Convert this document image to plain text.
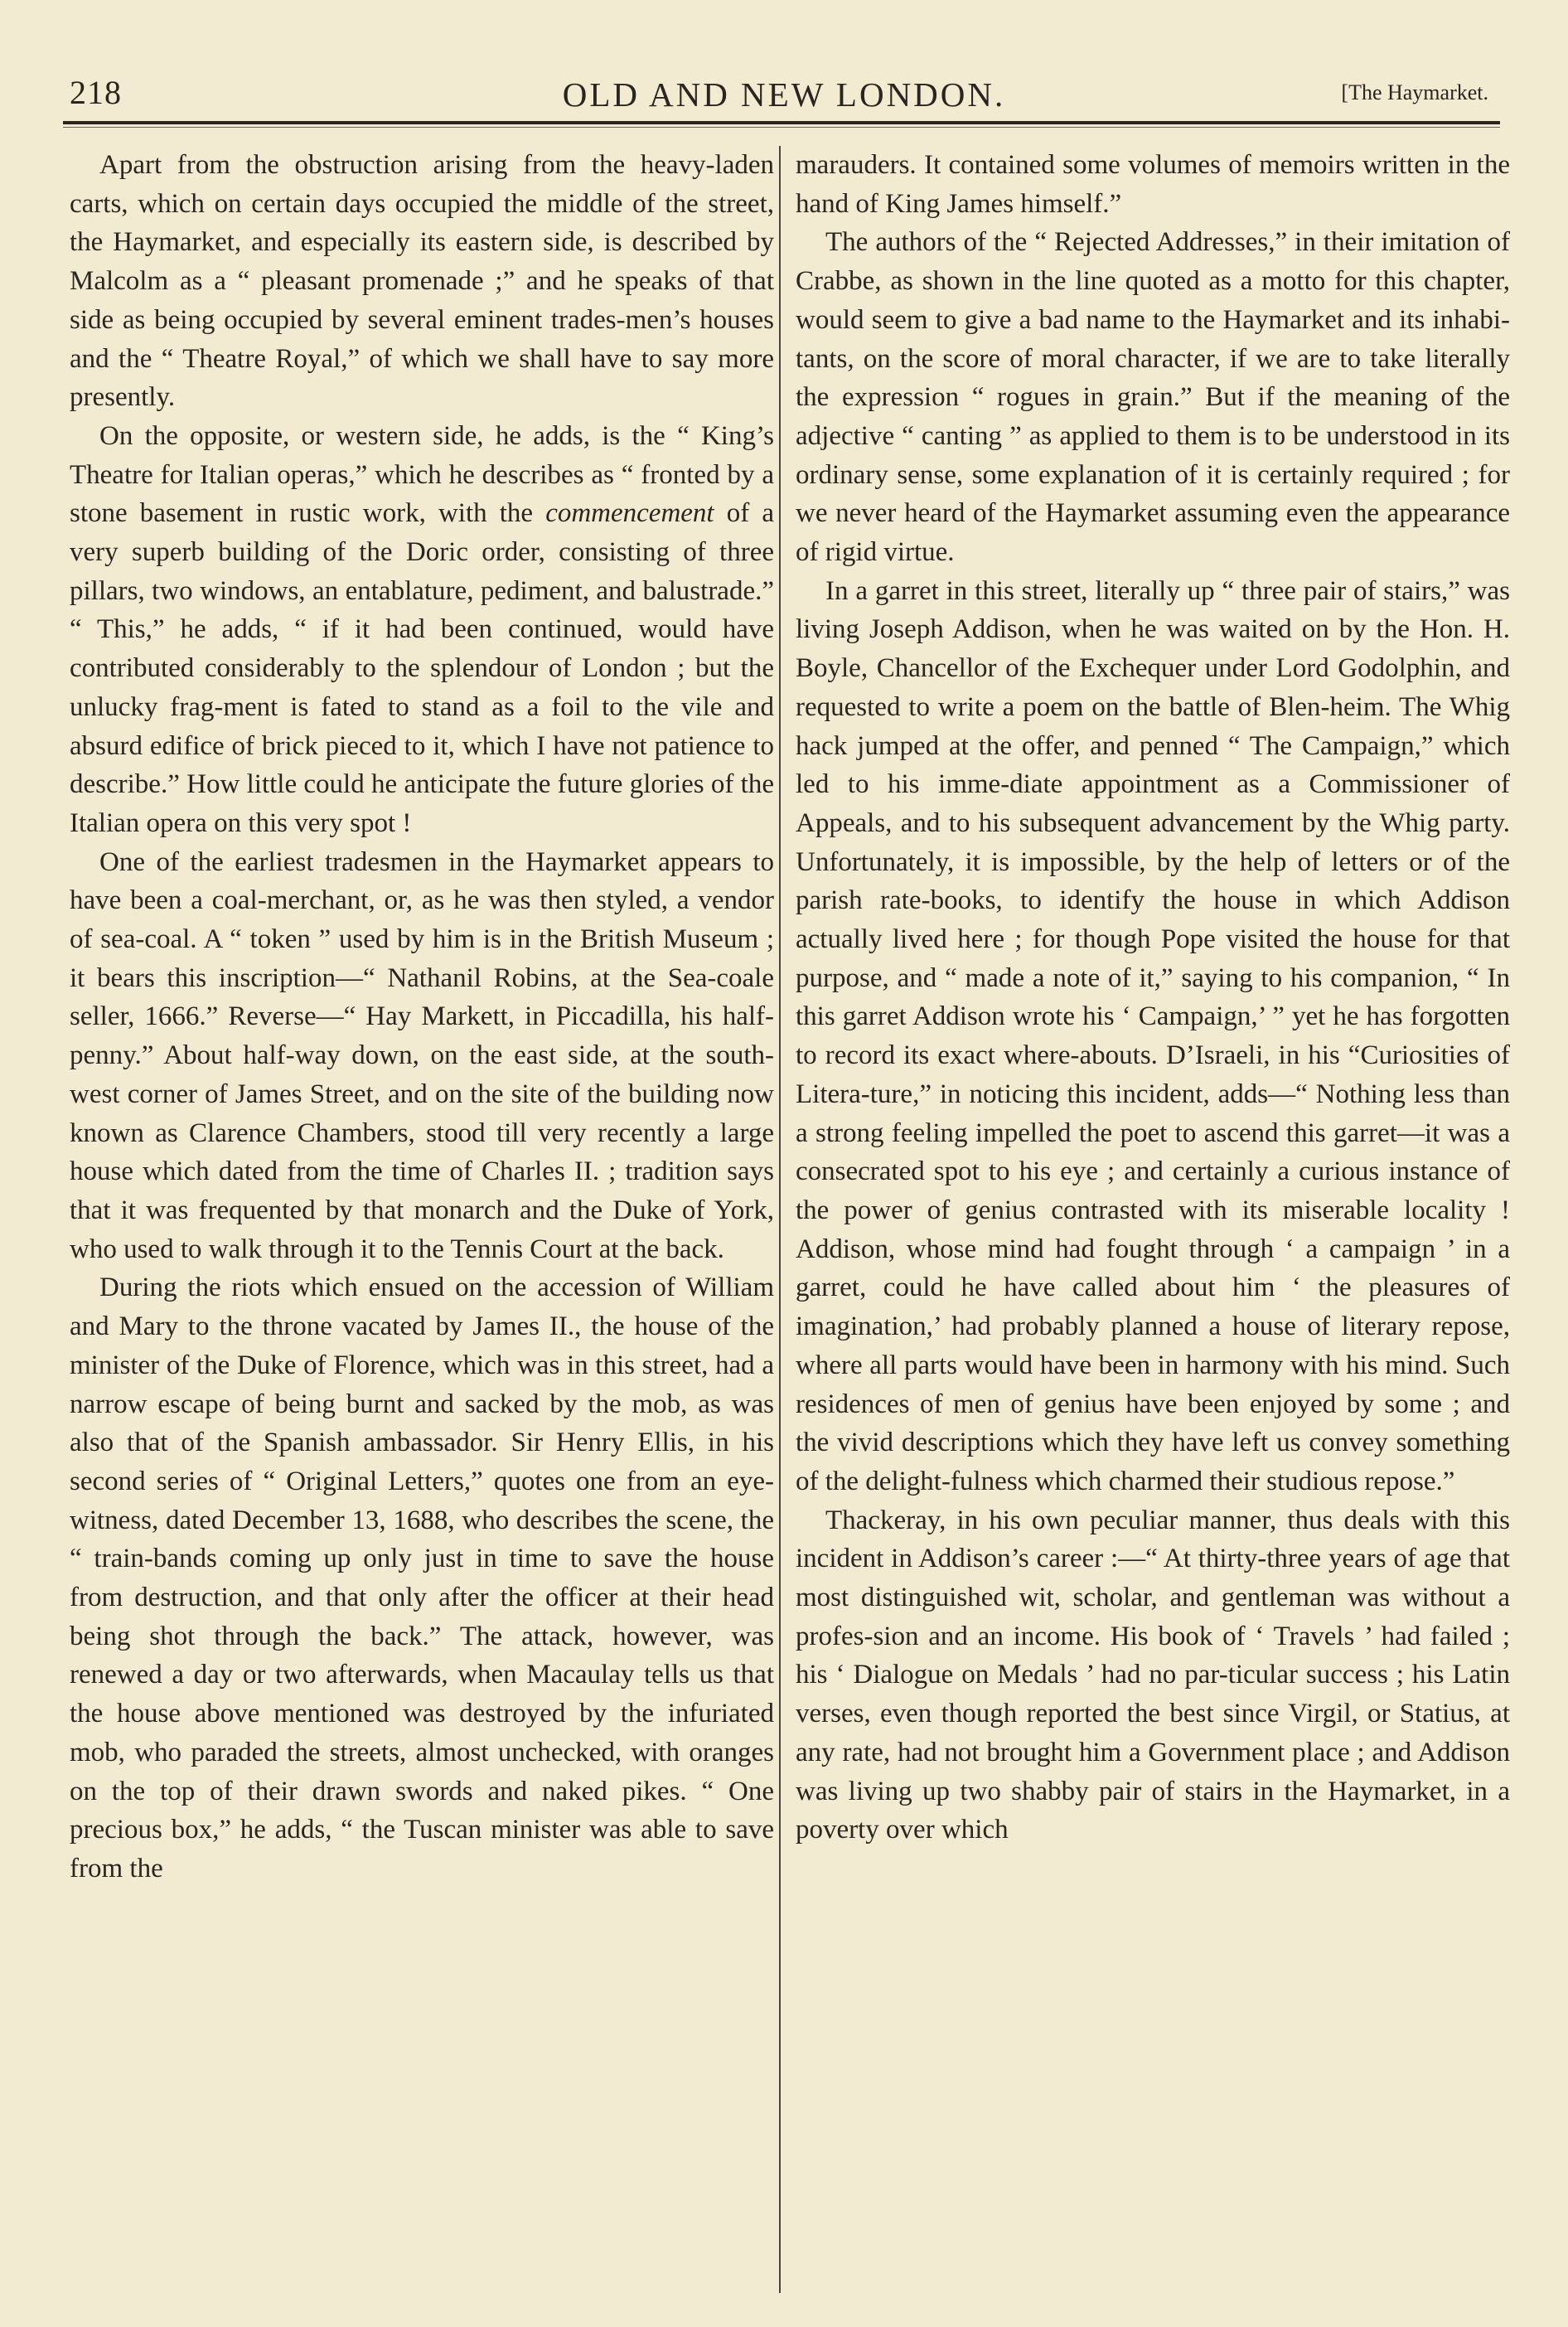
218	OLD AND NEW LONDON.	[The Haymarket.

Apart from the obstruction arising from the heavy-laden carts, which on certain days occupied the middle of the street, the Haymarket, and especially its eastern side, is described by Malcolm as a “ pleasant promenade ;” and he speaks of that side as being occupied by several eminent trades-men’s houses and the “ Theatre Royal,” of which we shall have to say more presently.

On the opposite, or western side, he adds, is the “ King’s Theatre for Italian operas,” which he describes as “ fronted by a stone basement in rustic work, with the commencement of a very superb building of the Doric order, consisting of three pillars, two windows, an entablature, pediment, and balustrade.” “ This,” he adds, “ if it had been continued, would have contributed considerably to the splendour of London ; but the unlucky frag-ment is fated to stand as a foil to the vile and absurd edifice of brick pieced to it, which I have not patience to describe.” How little could he anticipate the future glories of the Italian opera on this very spot !

One of the earliest tradesmen in the Haymarket appears to have been a coal-merchant, or, as he was then styled, a vendor of sea-coal. A “ token ” used by him is in the British Museum ; it bears this inscription—“ Nathanil Robins, at the Sea-coale seller, 1666.” Reverse—“ Hay Markett, in Piccadilla, his half-penny.” About half-way down, on the east side, at the south-west corner of James Street, and on the site of the building now known as Clarence Chambers, stood till very recently a large house which dated from the time of Charles II. ; tradition says that it was frequented by that monarch and the Duke of York, who used to walk through it to the Tennis Court at the back.

During the riots which ensued on the accession of William and Mary to the throne vacated by James II., the house of the minister of the Duke of Florence, which was in this street, had a narrow escape of being burnt and sacked by the mob, as was also that of the Spanish ambassador. Sir Henry Ellis, in his second series of “ Original Letters,” quotes one from an eye-witness, dated December 13, 1688, who describes the scene, the “ train-bands coming up only just in time to save the house from destruction, and that only after the officer at their head being shot through the back.” The attack, however, was renewed a day or two afterwards, when Macaulay tells us that the house above mentioned was destroyed by the infuriated mob, who paraded the streets, almost unchecked, with oranges on the top of their drawn swords and naked pikes. “ One precious box,” he adds, “ the Tuscan minister was able to save from the

marauders. It contained some volumes of memoirs written in the hand of King James himself.”

The authors of the “ Rejected Addresses,” in their imitation of Crabbe, as shown in the line quoted as a motto for this chapter, would seem to give a bad name to the Haymarket and its inhabi-tants, on the score of moral character, if we are to take literally the expression “ rogues in grain.” But if the meaning of the adjective “ canting ” as applied to them is to be understood in its ordinary sense, some explanation of it is certainly required ; for we never heard of the Haymarket assuming even the appearance of rigid virtue.

In a garret in this street, literally up “ three pair of stairs,” was living Joseph Addison, when he was waited on by the Hon. H. Boyle, Chancellor of the Exchequer under Lord Godolphin, and requested to write a poem on the battle of Blen-heim. The Whig hack jumped at the offer, and penned “ The Campaign,” which led to his imme-diate appointment as a Commissioner of Appeals, and to his subsequent advancement by the Whig party. Unfortunately, it is impossible, by the help of letters or of the parish rate-books, to identify the house in which Addison actually lived here ; for though Pope visited the house for that purpose, and “ made a note of it,” saying to his companion, “ In this garret Addison wrote his ‘ Campaign,’ ” yet he has forgotten to record its exact where-abouts. D’Israeli, in his “Curiosities of Litera-ture,” in noticing this incident, adds—“ Nothing less than a strong feeling impelled the poet to ascend this garret—it was a consecrated spot to his eye ; and certainly a curious instance of the power of genius contrasted with its miserable locality ! Addison, whose mind had fought through ‘ a campaign ’ in a garret, could he have called about him ‘ the pleasures of imagination,’ had probably planned a house of literary repose, where all parts would have been in harmony with his mind. Such residences of men of genius have been enjoyed by some ; and the vivid descriptions which they have left us convey something of the delight-fulness which charmed their studious repose.”

Thackeray, in his own peculiar manner, thus deals with this incident in Addison’s career :—“ At thirty-three years of age that most distinguished wit, scholar, and gentleman was without a profes-sion and an income. His book of ‘ Travels ’ had failed ; his ‘ Dialogue on Medals ’ had no par-ticular success ; his Latin verses, even though reported the best since Virgil, or Statius, at any rate, had not brought him a Government place ; and Addison was living up two shabby pair of stairs in the Haymarket, in a poverty over which
